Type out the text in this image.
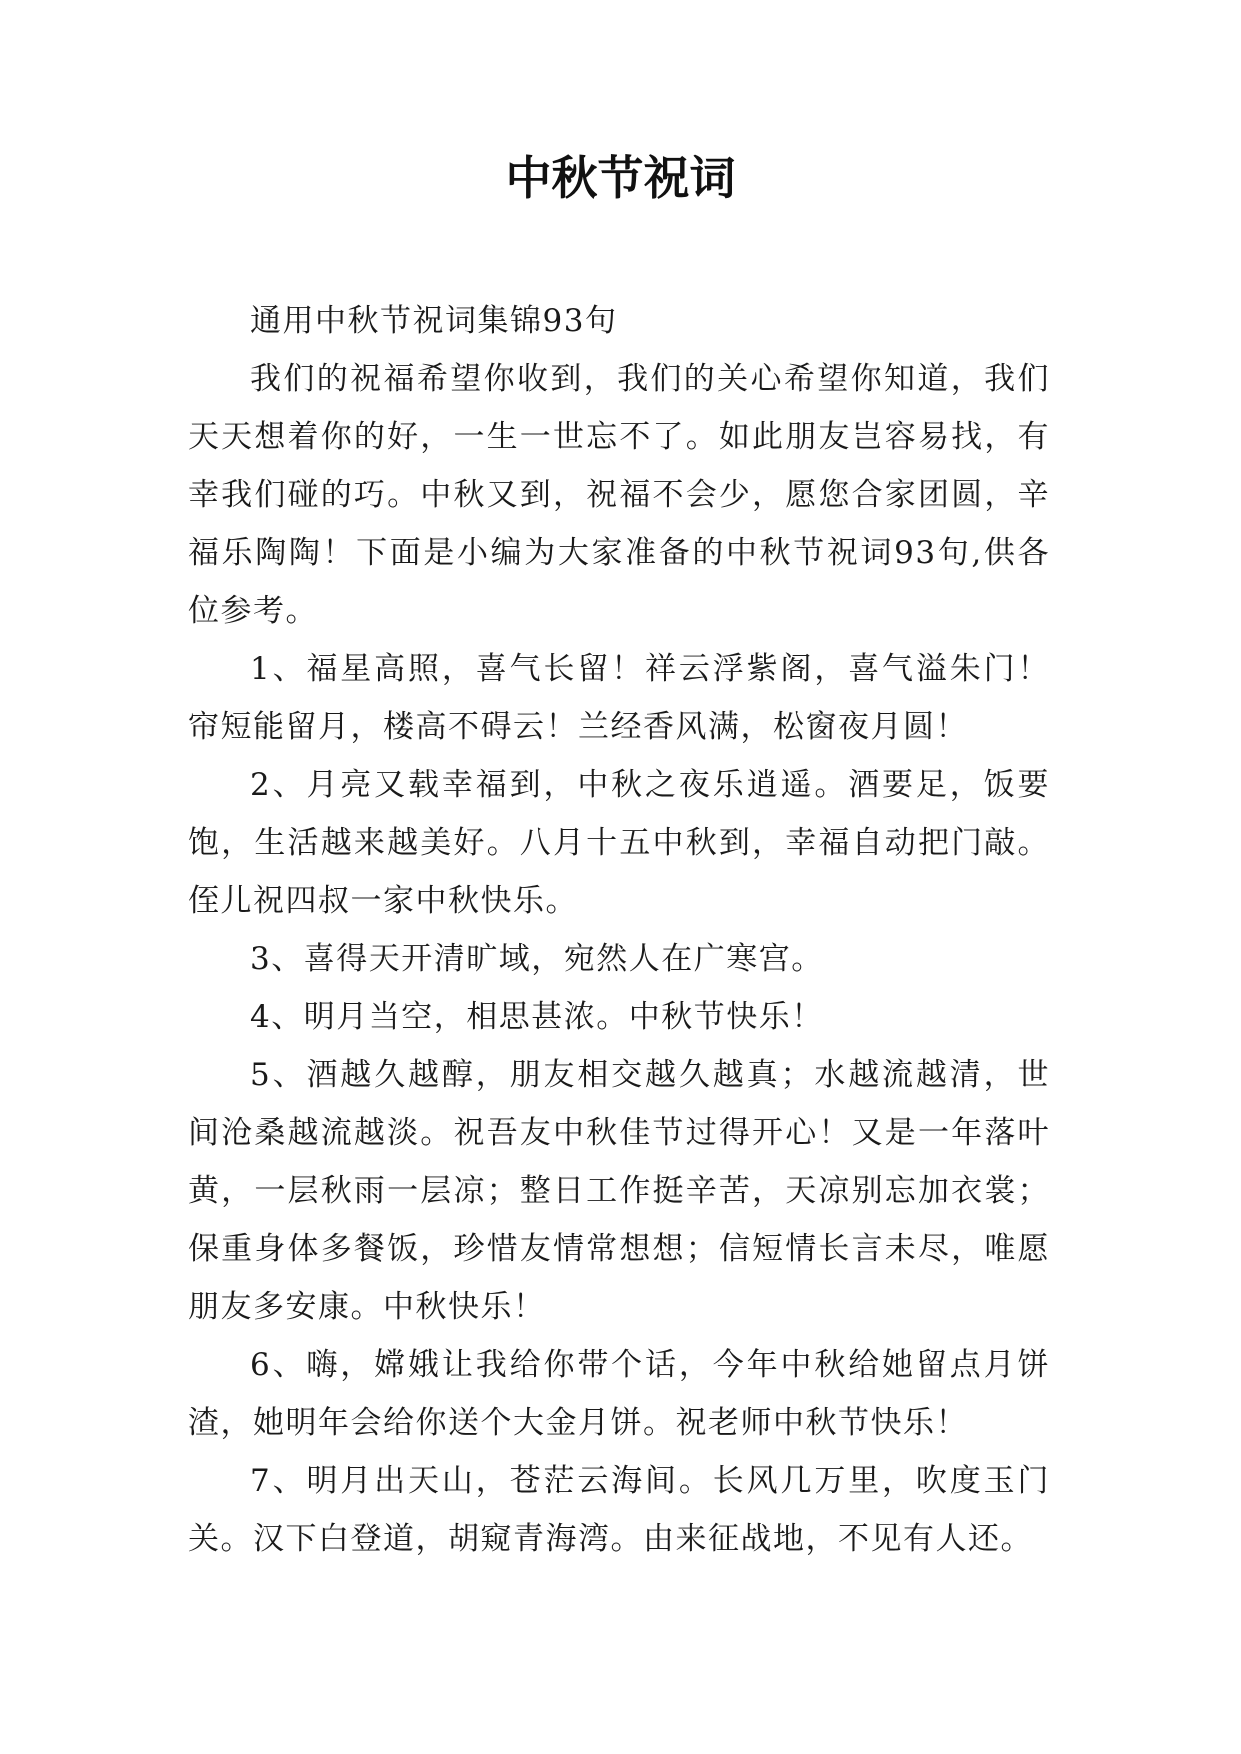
中秋节祝词

通用中秋节祝词集锦93句

我们的祝福希望你收到，我们的关心希望你知道，我们天天想着你的好，一生一世忘不了。如此朋友岂容易找，有幸我们碰的巧。中秋又到，祝福不会少，愿您合家团圆，辛福乐陶陶！下面是小编为大家准备的中秋节祝词93句,供各位参考。

1、福星高照，喜气长留！祥云浮紫阁，喜气溢朱门！帘短能留月，楼高不碍云！兰经香风满，松窗夜月圆！

2、月亮又载幸福到，中秋之夜乐逍遥。酒要足，饭要饱，生活越来越美好。八月十五中秋到，幸福自动把门敲。侄儿祝四叔一家中秋快乐。

3、喜得天开清旷域，宛然人在广寒宫。

4、明月当空，相思甚浓。中秋节快乐！

5、酒越久越醇，朋友相交越久越真；水越流越清，世间沧桑越流越淡。祝吾友中秋佳节过得开心！又是一年落叶黄，一层秋雨一层凉；整日工作挺辛苦，天凉别忘加衣裳；保重身体多餐饭，珍惜友情常想想；信短情长言未尽，唯愿朋友多安康。中秋快乐！

6、嗨，嫦娥让我给你带个话，今年中秋给她留点月饼渣，她明年会给你送个大金月饼。祝老师中秋节快乐！

7、明月出天山，苍茫云海间。长风几万里，吹度玉门关。汉下白登道，胡窥青海湾。由来征战地，不见有人还。
